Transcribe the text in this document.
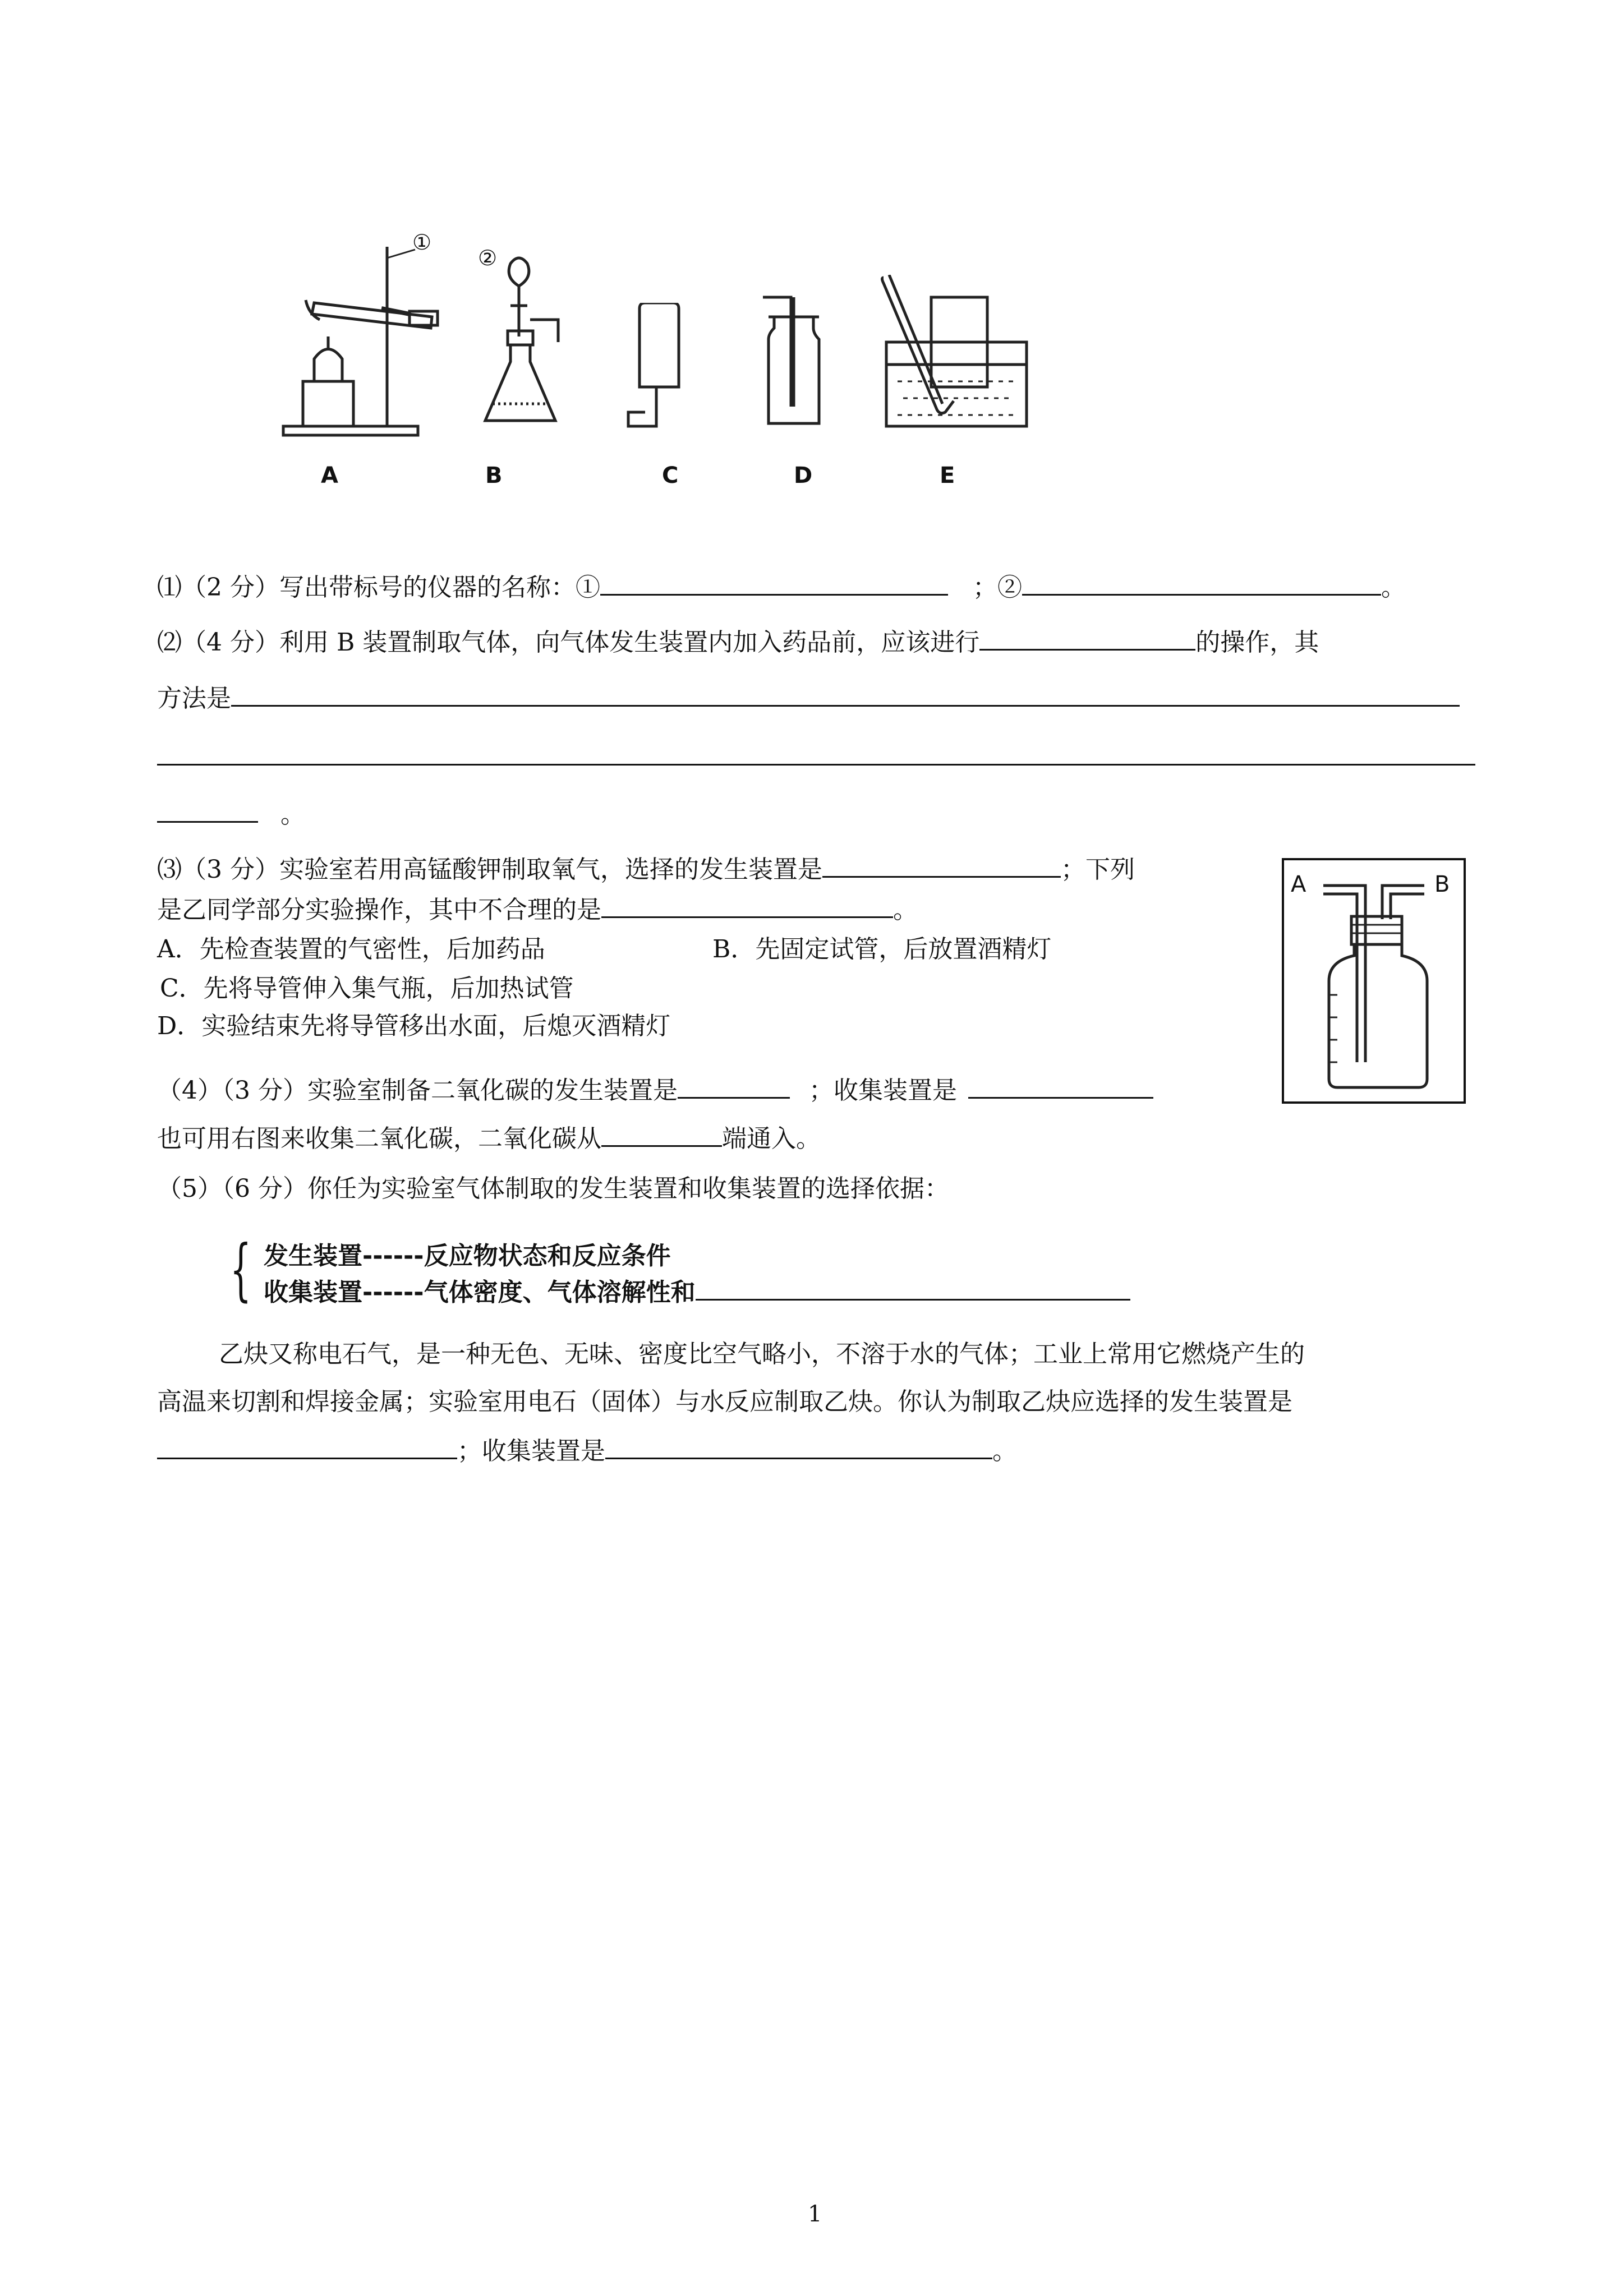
①
②
A	B	C	D	E
⑴（2 分）写出带标号的仪器的名称：①	；②	。
⑵（4 分）利用 B 装置制取气体，向气体发生装置内加入药品前，应该进行	的操作，其
方法是
。
⑶（3 分）实验室若用高锰酸钾制取氧气，选择的发生装置是	；下列
是乙同学部分实验操作，其中不合理的是	。
A．先检查装置的气密性，后加药品	B．先固定试管，后放置酒精灯
C．先将导管伸入集气瓶，后加热试管
D．实验结束先将导管移出水面，后熄灭酒精灯
A	B
（4）（3 分）实验室制备二氧化碳的发生装置是	；收集装置是
也可用右图来收集二氧化碳，二氧化碳从	端通入。
（5）（6 分）你任为实验室气体制取的发生装置和收集装置的选择依据：
{ 发生装置------反应物状态和反应条件
收集装置------气体密度、气体溶解性和
乙炔又称电石气，是一种无色、无味、密度比空气略小，不溶于水的气体；工业上常用它燃烧产生的
高温来切割和焊接金属；实验室用电石（固体）与水反应制取乙炔。你认为制取乙炔应选择的发生装置是
；收集装置是	。
1
